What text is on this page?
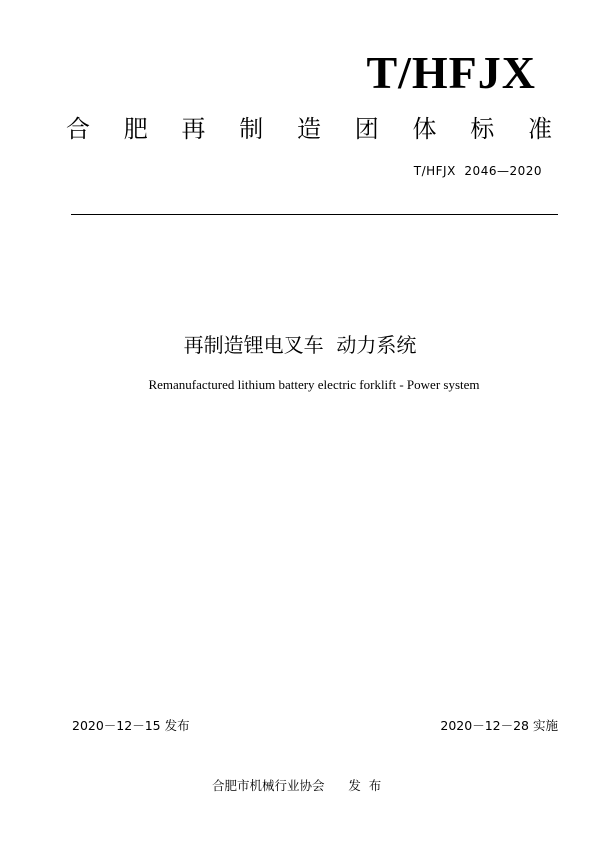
T/HFJX
合 肥 再 制 造 团 体 标 准
T/HFJX  2046—2020
再制造锂电叉车  动力系统
Remanufactured lithium battery electric forklift - Power system
2020－12－15 发布	2020－12－28 实施
合肥市机械行业协会      发  布
